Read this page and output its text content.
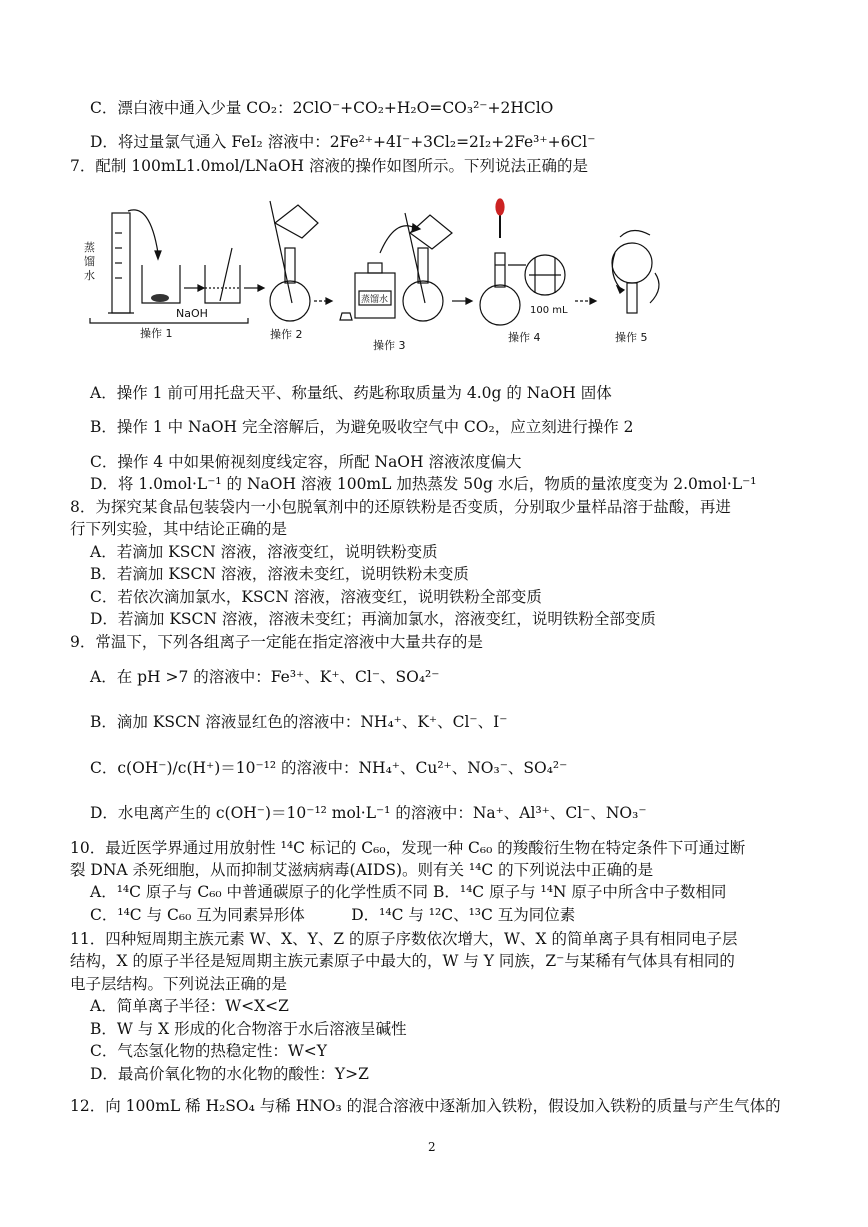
C．漂白液中通入少量 CO₂：2ClO⁻+CO₂+H₂O=CO₃²⁻+2HClO
D．将过量氯气通入 FeI₂ 溶液中：2Fe²⁺+4I⁻+3Cl₂=2I₂+2Fe³⁺+6Cl⁻
7．配制 100mL1.0mol/LNaOH 溶液的操作如图所示。下列说法正确的是
蒸
馏
水
NaOH
蒸馏水
100 mL
操作 1	操作 2
操作 3
操作 4	操作 5
A．操作 1 前可用托盘天平、称量纸、药匙称取质量为 4.0g 的 NaOH 固体
B．操作 1 中 NaOH 完全溶解后，为避免吸收空气中 CO₂，应立刻进行操作 2
C．操作 4 中如果俯视刻度线定容，所配 NaOH 溶液浓度偏大
D．将 1.0mol·L⁻¹ 的 NaOH 溶液 100mL 加热蒸发 50g 水后，物质的量浓度变为 2.0mol·L⁻¹
8．为探究某食品包装袋内一小包脱氧剂中的还原铁粉是否变质，分别取少量样品溶于盐酸，再进
行下列实验，其中结论正确的是
A．若滴加 KSCN 溶液，溶液变红，说明铁粉变质
B．若滴加 KSCN 溶液，溶液未变红，说明铁粉未变质
C．若依次滴加氯水，KSCN 溶液，溶液变红，说明铁粉全部变质
D．若滴加 KSCN 溶液，溶液未变红；再滴加氯水，溶液变红，说明铁粉全部变质
9．常温下，下列各组离子一定能在指定溶液中大量共存的是
A．在 pH >7 的溶液中：Fe³⁺、K⁺、Cl⁻、SO₄²⁻
B．滴加 KSCN 溶液显红色的溶液中：NH₄⁺、K⁺、Cl⁻、I⁻
C．c(OH⁻)/c(H⁺)＝10⁻¹² 的溶液中：NH₄⁺、Cu²⁺、NO₃⁻、SO₄²⁻
D．水电离产生的 c(OH⁻)＝10⁻¹² mol·L⁻¹ 的溶液中：Na⁺、Al³⁺、Cl⁻、NO₃⁻
10．最近医学界通过用放射性 ¹⁴C 标记的 C₆₀，发现一种 C₆₀ 的羧酸衍生物在特定条件下可通过断
裂 DNA 杀死细胞，从而抑制艾滋病病毒(AIDS)。则有关 ¹⁴C 的下列说法中正确的是
A．¹⁴C 原子与 C₆₀ 中普通碳原子的化学性质不同 B．¹⁴C 原子与 ¹⁴N 原子中所含中子数相同
C．¹⁴C 与 C₆₀ 互为同素异形体　　　D．¹⁴C 与 ¹²C、¹³C 互为同位素
11．四种短周期主族元素 W、X、Y、Z 的原子序数依次增大，W、X 的简单离子具有相同电子层
结构，X 的原子半径是短周期主族元素原子中最大的，W 与 Y 同族，Z⁻与某稀有气体具有相同的
电子层结构。下列说法正确的是
A．简单离子半径：W<X<Z
B．W 与 X 形成的化合物溶于水后溶液呈碱性
C．气态氢化物的热稳定性：W<Y
D．最高价氧化物的水化物的酸性：Y>Z
12．向 100mL 稀 H₂SO₄ 与稀 HNO₃ 的混合溶液中逐渐加入铁粉，假设加入铁粉的质量与产生气体的
2
